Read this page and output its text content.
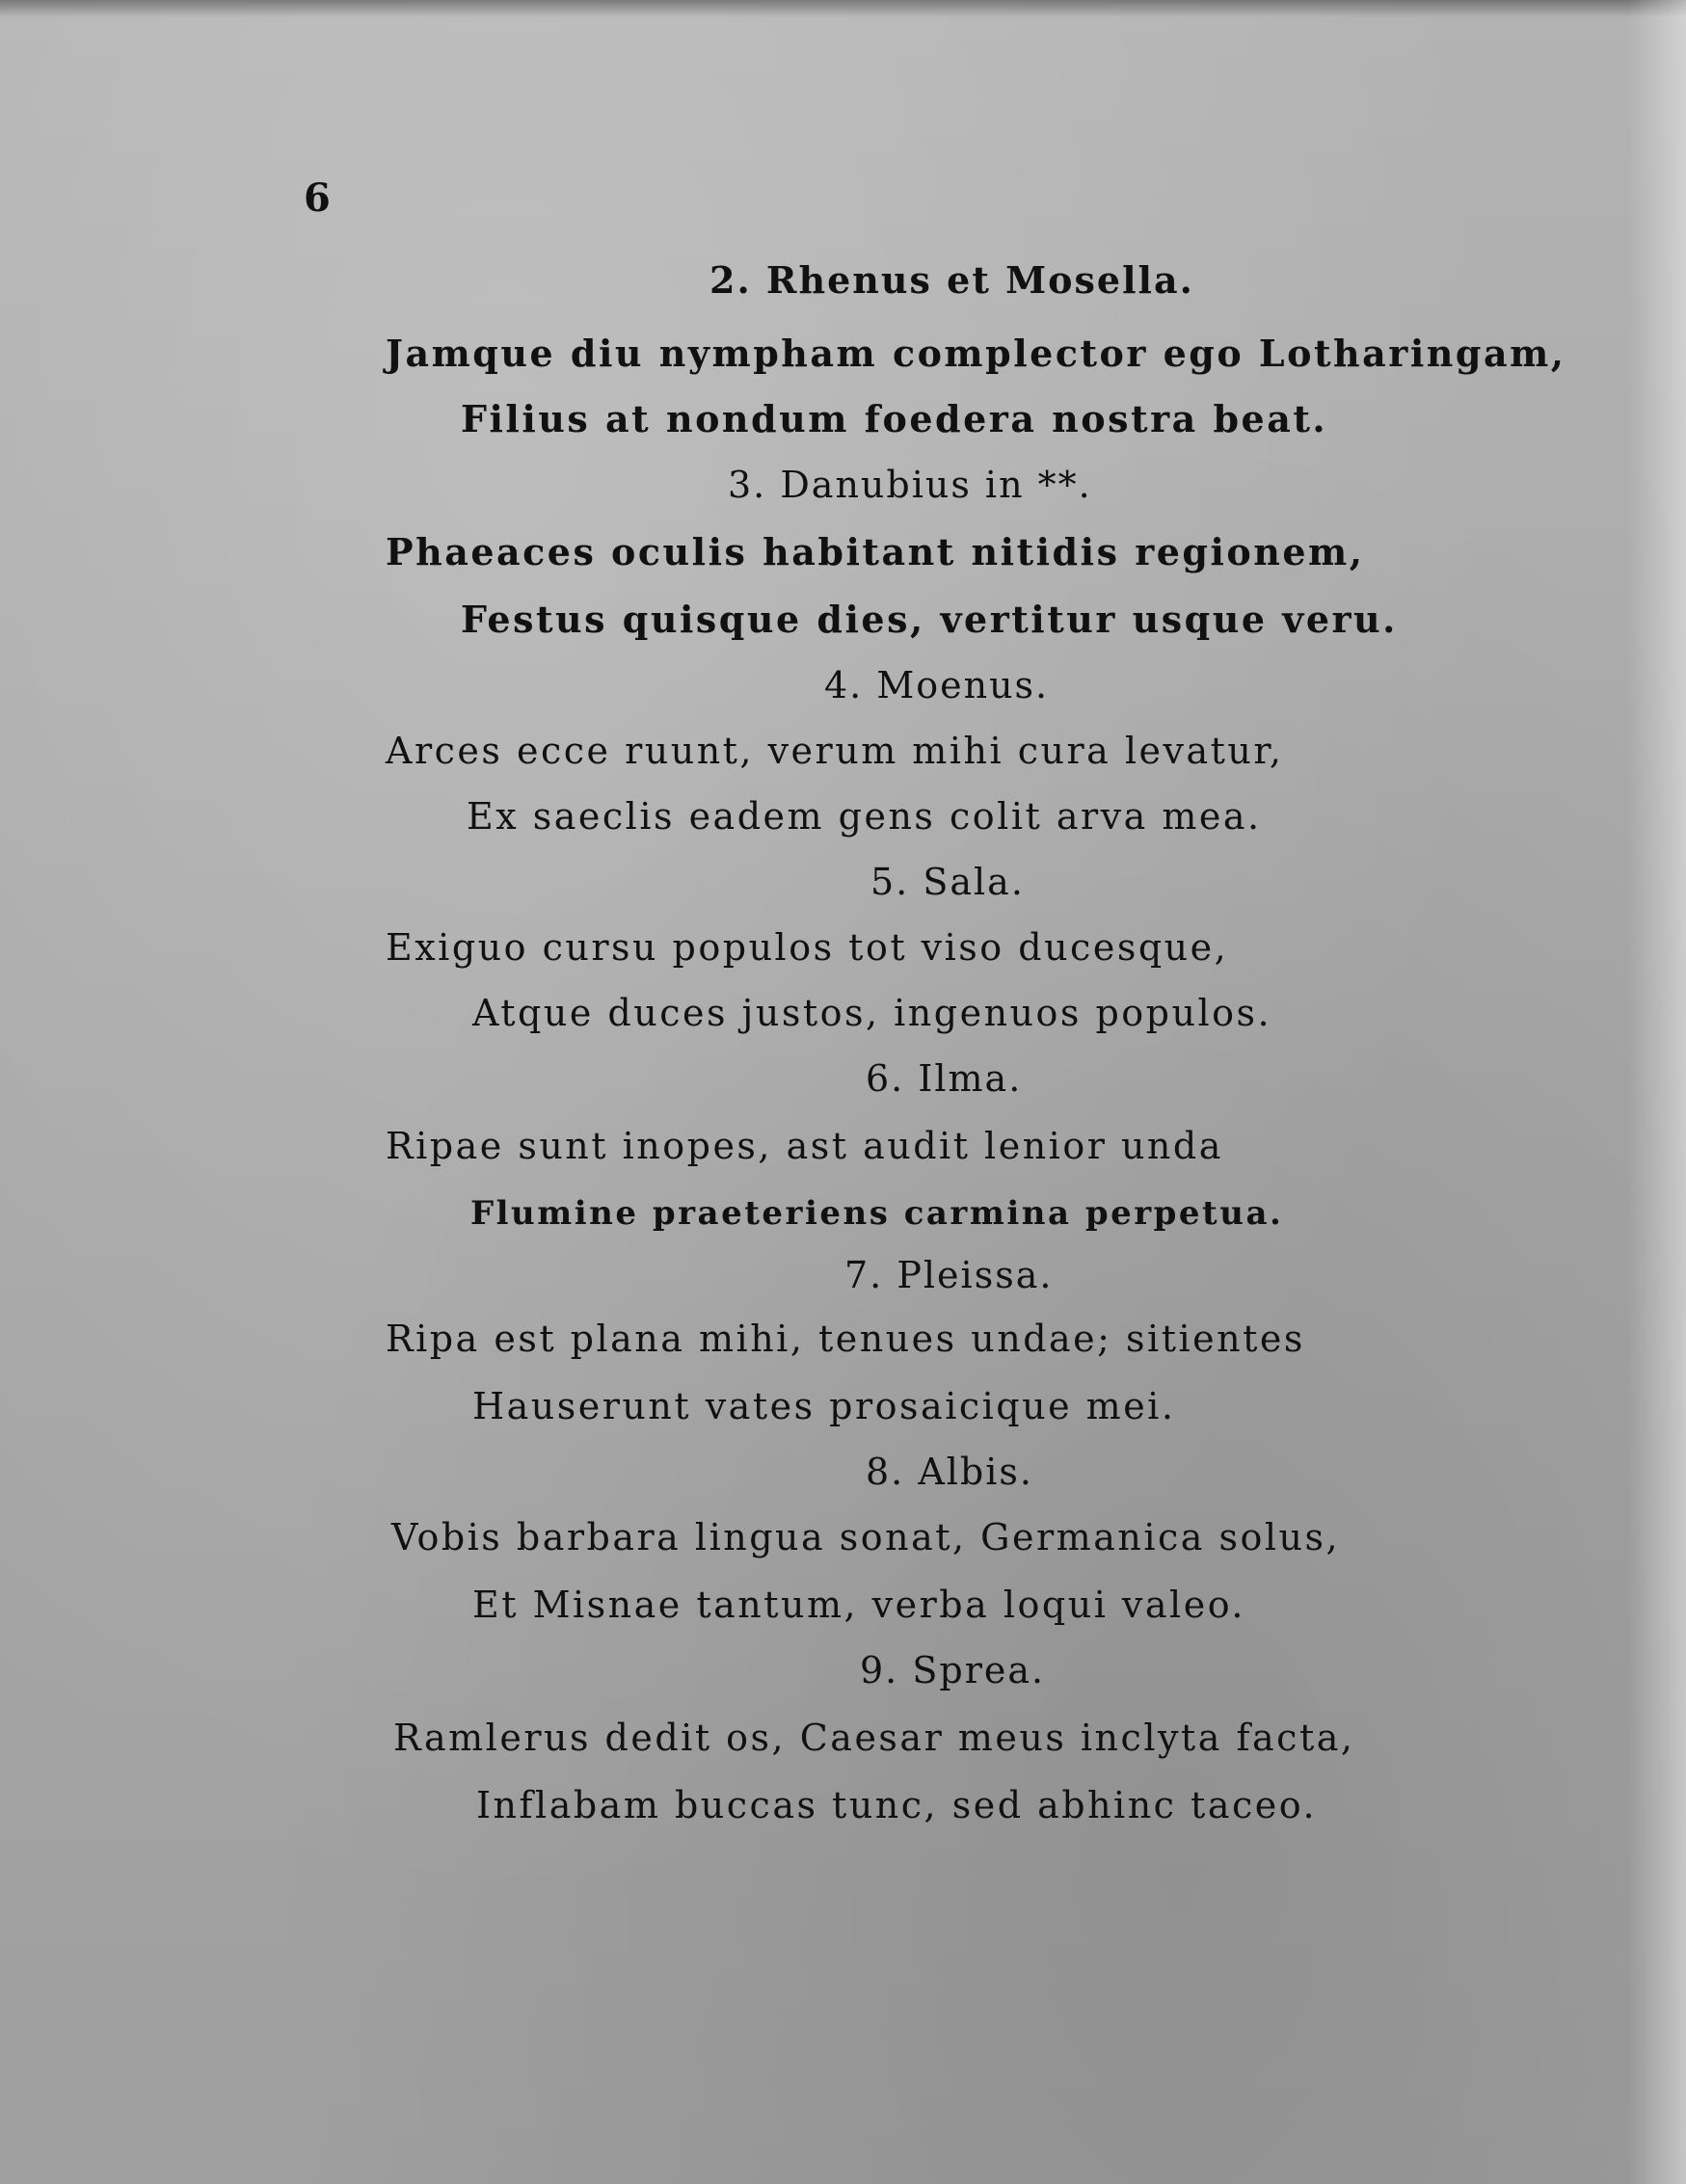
6
2. Rhenus et Mosella.
Jamque diu nympham complector ego Lotharingam,
Filius at nondum foedera nostra beat.
3. Danubius in **.
Phaeaces oculis habitant nitidis regionem,
Festus quisque dies, vertitur usque veru.
4. Moenus.
Arces ecce ruunt, verum mihi cura levatur,
Ex saeclis eadem gens colit arva mea.
5. Sala.
Exiguo cursu populos tot viso ducesque,
Atque duces justos, ingenuos populos.
6. Ilma.
Ripae sunt inopes, ast audit lenior unda
Flumine praeteriens carmina perpetua.
7. Pleissa.
Ripa est plana mihi, tenues undae; sitientes
Hauserunt vates prosaicique mei.
8. Albis.
Vobis barbara lingua sonat, Germanica solus,
Et Misnae tantum, verba loqui valeo.
9. Sprea.
Ramlerus dedit os, Caesar meus inclyta facta,
Inflabam buccas tunc, sed abhinc taceo.
